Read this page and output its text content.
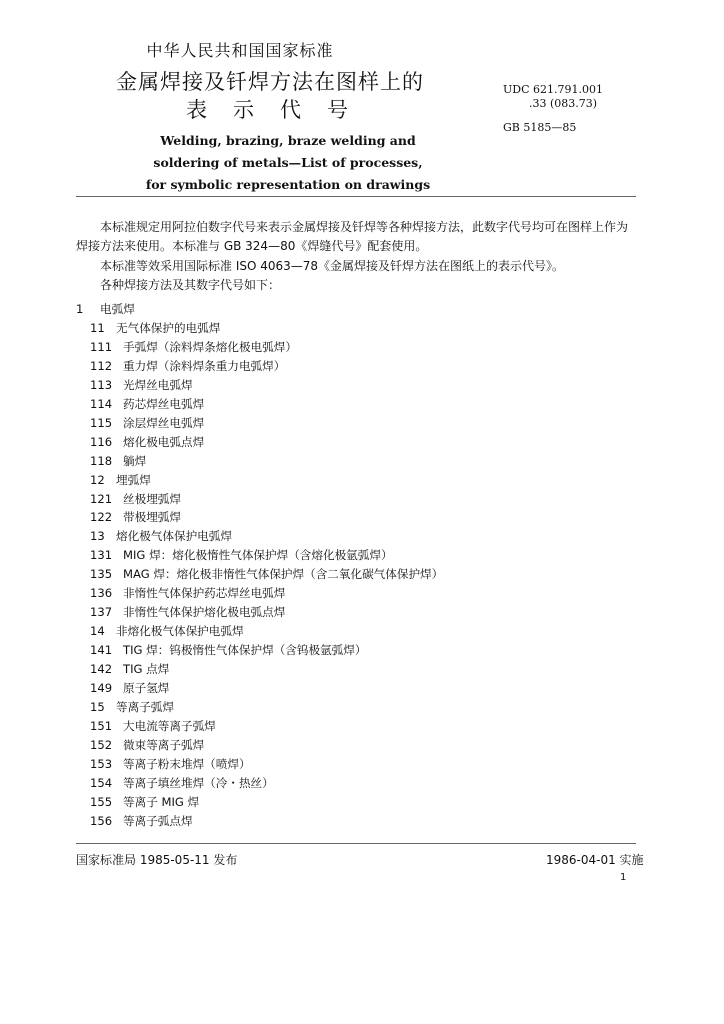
中华人民共和国国家标准
金属焊接及钎焊方法在图样上的
表示代号
Welding, brazing, braze welding and
soldering of metals—List of processes,
for symbolic representation on drawings
UDC 621.791.001
.33 (083.73)
GB 5185—85
本标准规定用阿拉伯数字代号来表示金属焊接及钎焊等各种焊接方法，此数字代号均可在图样上作为焊接方法来使用。本标准与 GB 324—80《焊缝代号》配套使用。
本标准等效采用国际标准 ISO 4063—78《金属焊接及钎焊方法在图纸上的表示代号》。
各种焊接方法及其数字代号如下：
1 电弧焊
11 无气体保护的电弧焊
111 手弧焊（涂料焊条熔化极电弧焊）
112 重力焊（涂料焊条重力电弧焊）
113 光焊丝电弧焊
114 药芯焊丝电弧焊
115 涂层焊丝电弧焊
116 熔化极电弧点焊
118 躺焊
12 埋弧焊
121 丝极埋弧焊
122 带极埋弧焊
13 熔化极气体保护电弧焊
131 MIG 焊：熔化极惰性气体保护焊（含熔化极氩弧焊）
135 MAG 焊：熔化极非惰性气体保护焊（含二氧化碳气体保护焊）
136 非惰性气体保护药芯焊丝电弧焊
137 非惰性气体保护熔化极电弧点焊
14 非熔化极气体保护电弧焊
141 TIG 焊：钨极惰性气体保护焊（含钨极氩弧焊）
142 TIG 点焊
149 原子氢焊
15 等离子弧焊
151 大电流等离子弧焊
152 微束等离子弧焊
153 等离子粉末堆焊（喷焊）
154 等离子填丝堆焊（冷・热丝）
155 等离子 MIG 焊
156 等离子弧点焊
国家标准局 1985-05-11 发布	1986-04-01 实施
1
